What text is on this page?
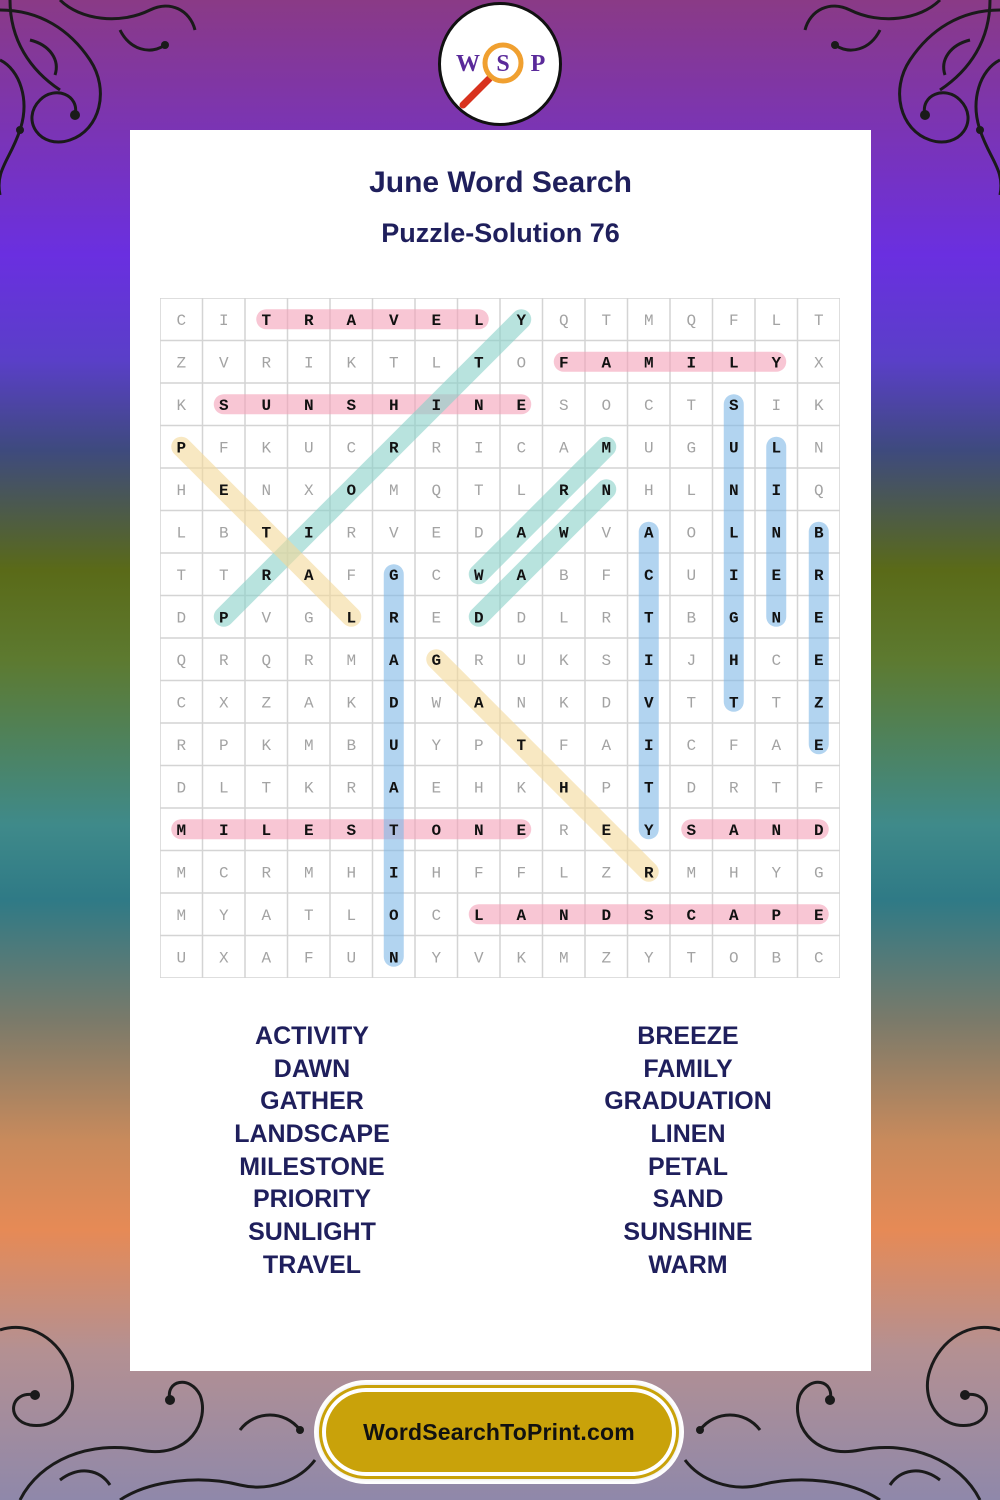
W S P
June Word Search
Puzzle-Solution 76
C I T R A V E L Y Q T M Q F L T
Z V R I K T L T O F A M I L Y X
K S U N S H I N E S O C T S I K
P F K U C R R I C A M U G U L N
H E N X O M Q T L R N H L N I Q
L B T I R V E D A W V A O L N B
T T R A F G C W A B F C U I E R
D P V G L R E D D L R T B G N E
Q R Q R M A G R U K S I J H C E
C X Z A K D W A N K D V T T T Z
R P K M B U Y P T F A I C F A E
D L T K R A E H K H P T D R T F
M I L E S T O N E R E Y S A N D
M C R M H I H F F L Z R M H Y G
M Y A T L O C L A N D S C A P E
U X A F U N Y V K M Z Y T O B C
ACTIVITY
DAWN
GATHER
LANDSCAPE
MILESTONE
PRIORITY
SUNLIGHT
TRAVEL
BREEZE
FAMILY
GRADUATION
LINEN
PETAL
SAND
SUNSHINE
WARM
WordSearchToPrint.com
